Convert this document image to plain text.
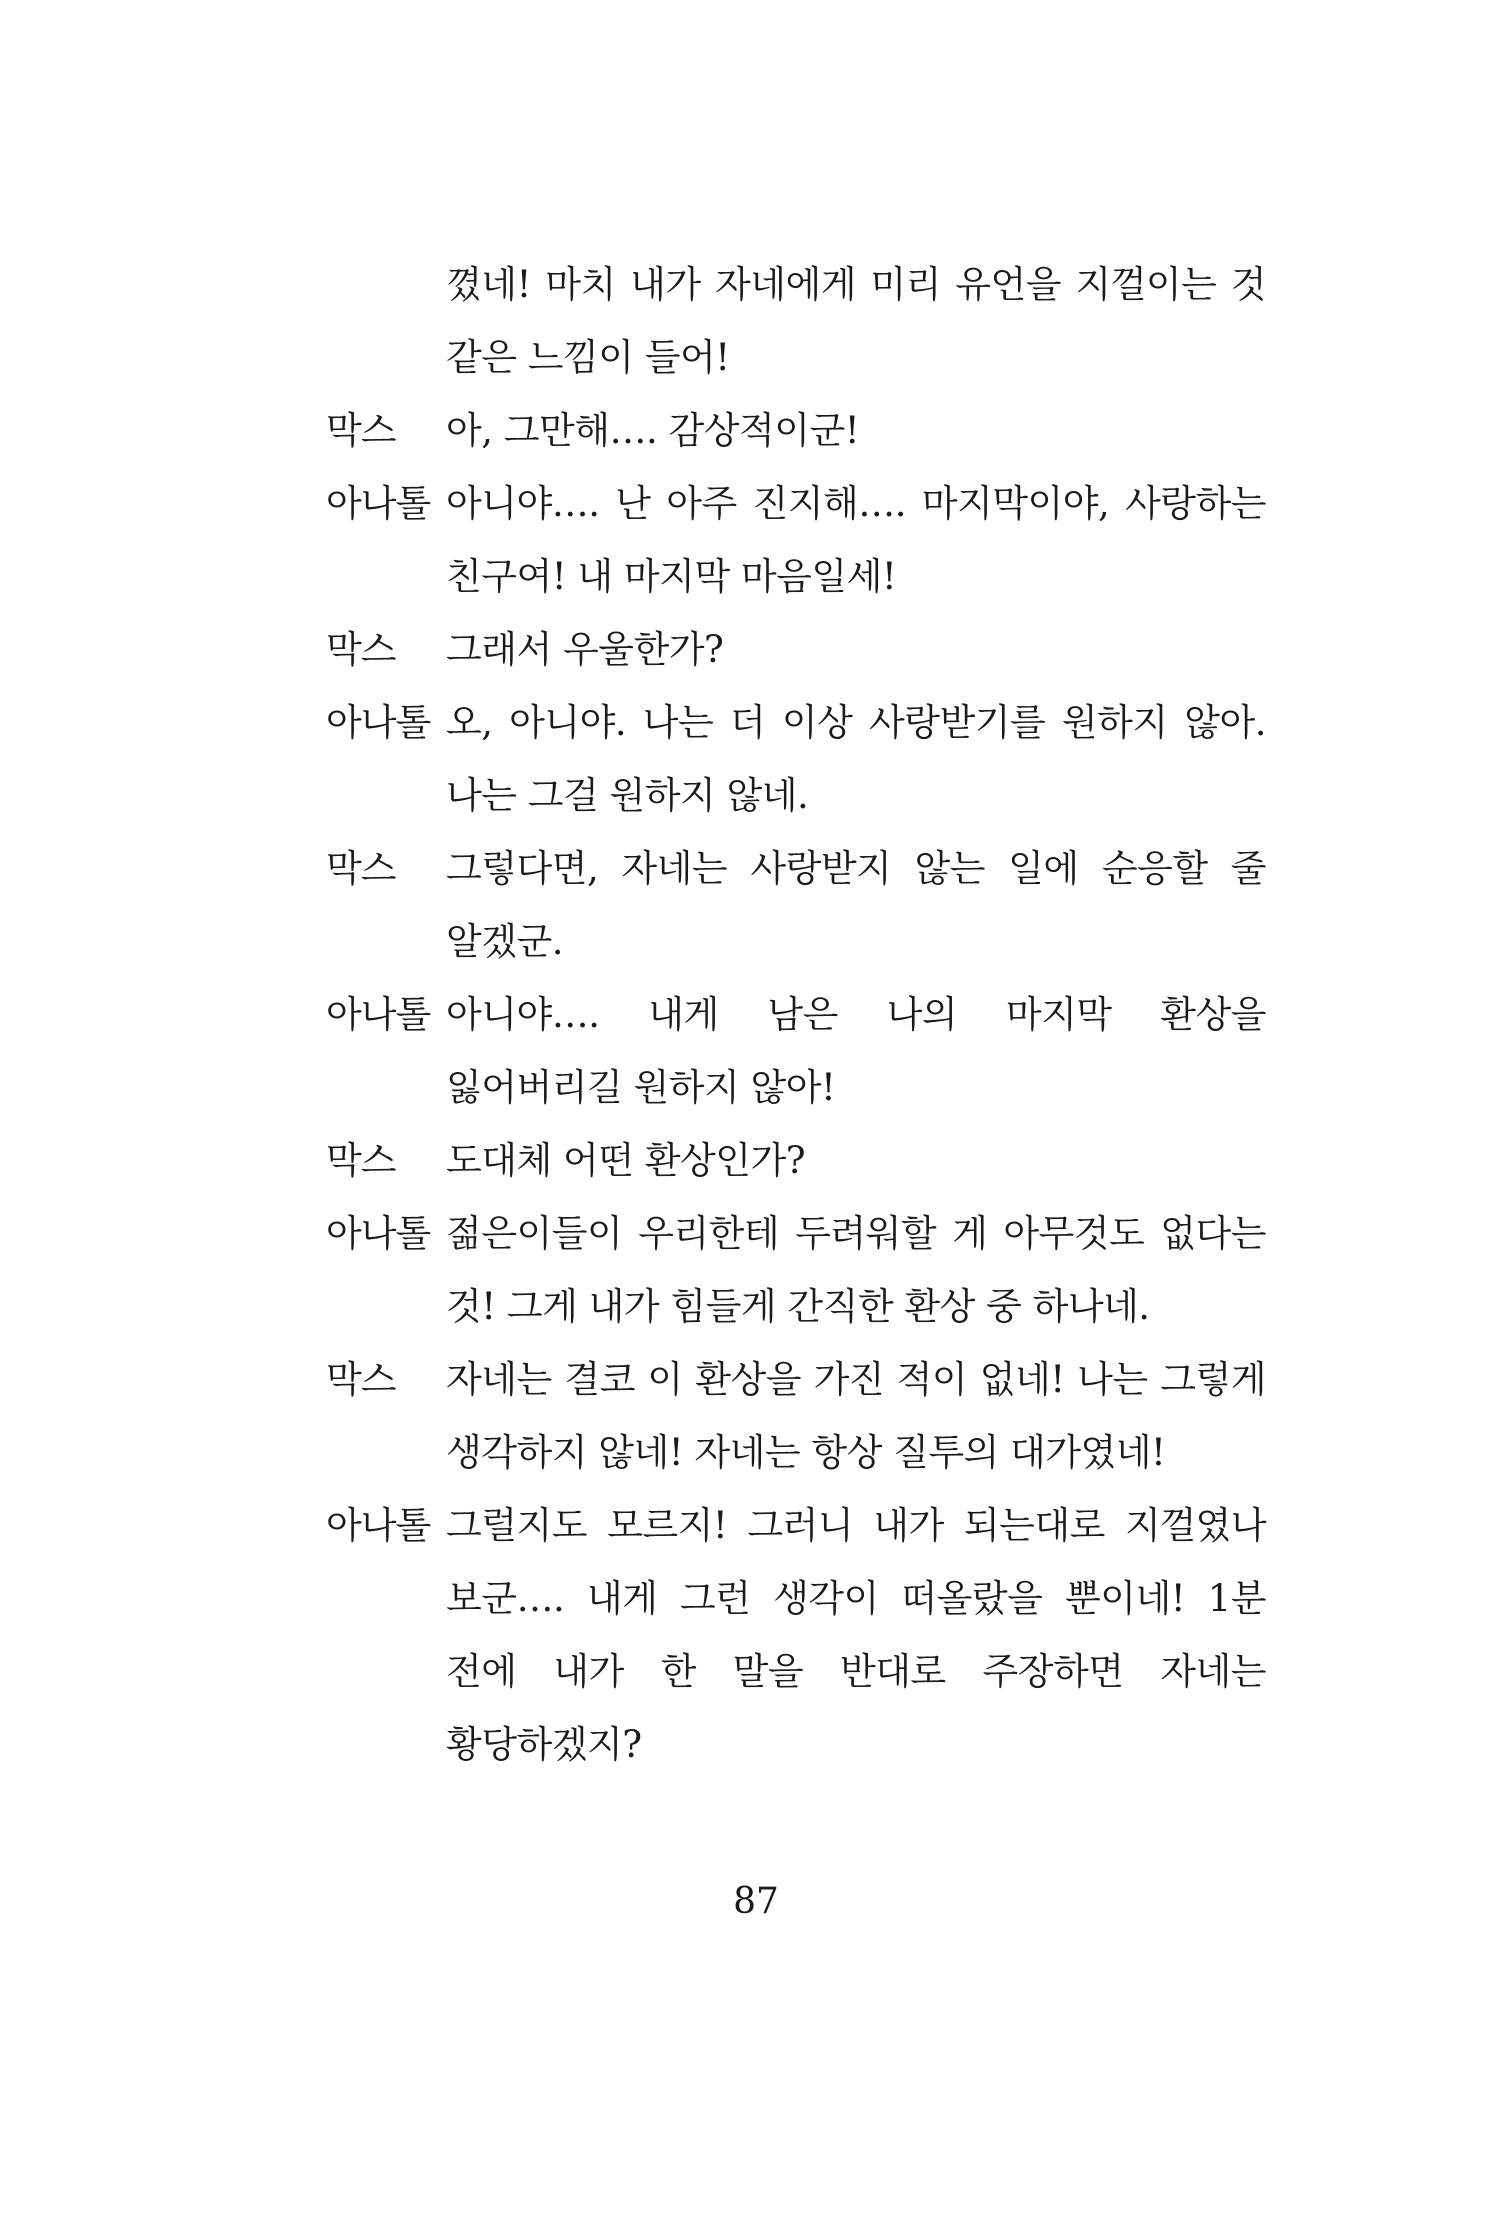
꼈네! 마치 내가 자네에게 미리 유언을 지껄이는 것 같은 느낌이 들어!

막스	아, 그만해…. 감상적이군!

아나톨 아니야…. 난 아주 진지해…. 마지막이야, 사랑하는 친구여! 내 마지막 마음일세!

막스	그래서 우울한가?

아나톨 오, 아니야. 나는 더 이상 사랑받기를 원하지 않아. 나는 그걸 원하지 않네.

막스	그렇다면, 자네는 사랑받지 않는 일에 순응할 줄 알겠군.

아나톨 아니야…. 내게 남은 나의 마지막 환상을 잃어버리길 원하지 않아!

막스	도대체 어떤 환상인가?

아나톨 젊은이들이 우리한테 두려워할 게 아무것도 없다는 것! 그게 내가 힘들게 간직한 환상 중 하나네.

막스	자네는 결코 이 환상을 가진 적이 없네! 나는 그렇게 생각하지 않네! 자네는 항상 질투의 대가였네!

아나톨 그럴지도 모르지! 그러니 내가 되는대로 지껄였나 보군…. 내게 그런 생각이 떠올랐을 뿐이네! 1분 전에 내가 한 말을 반대로 주장하면 자네는 황당하겠지?

87
